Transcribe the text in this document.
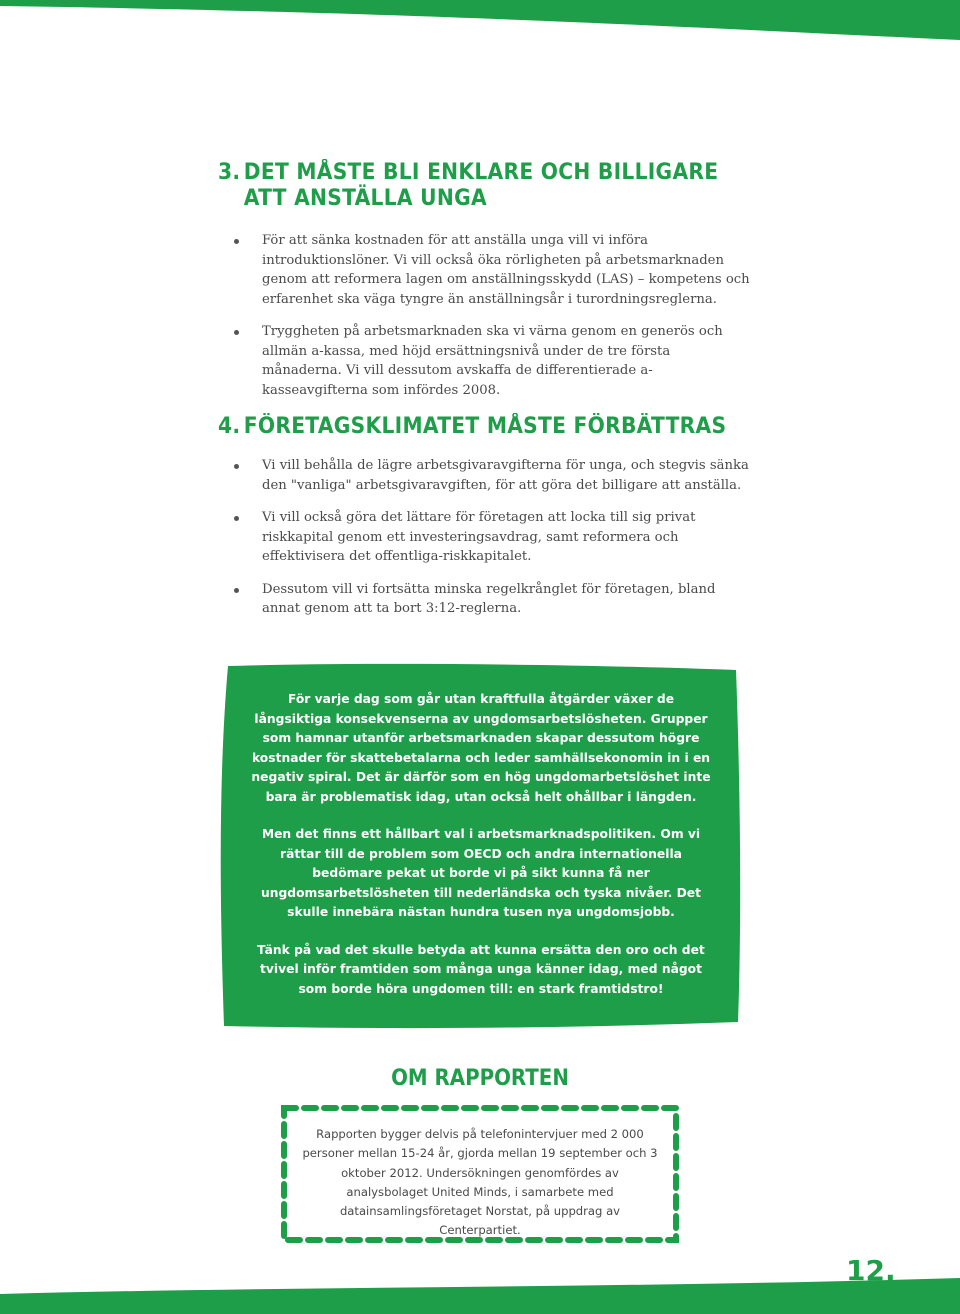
3. DET MÅSTE BLI ENKLARE OCH BILLIGARE
ATT ANSTÄLLA UNGA
För att sänka kostnaden för att anställa unga vill vi införa introduktionslöner. Vi vill också öka rörligheten på arbetsmarknaden genom att reformera lagen om anställningsskydd (LAS) – kompetens och erfarenhet ska väga tyngre än anställningsår i turordningsreglerna.
Tryggheten på arbetsmarknaden ska vi värna genom en generös och allmän a-kassa, med höjd ersättningsnivå under de tre första månaderna. Vi vill dessutom avskaffa de differentierade a-kasseavgifterna som infördes 2008.
4. FÖRETAGSKLIMATET MÅSTE FÖRBÄTTRAS
Vi vill behålla de lägre arbetsgivaravgifterna för unga, och stegvis sänka den "vanliga" arbetsgivaravgiften, för att göra det billigare att anställa.
Vi vill också göra det lättare för företagen att locka till sig privat riskkapital genom ett investeringsavdrag, samt reformera och effektivisera det offentliga-riskkapitalet.
Dessutom vill vi fortsätta minska regelkrånglet för företagen, bland annat genom att ta bort 3:12-reglerna.

För varje dag som går utan kraftfulla åtgärder växer de långsiktiga konsekvenserna av ungdomsarbetslösheten. Grupper som hamnar utanför arbetsmarknaden skapar dessutom högre kostnader för skattebetalarna och leder samhällsekonomin in i en negativ spiral. Det är därför som en hög ungdomarbetslöshet inte bara är problematisk idag, utan också helt ohållbar i längden.

Men det finns ett hållbart val i arbetsmarknadspolitiken. Om vi rättar till de problem som OECD och andra internationella bedömare pekat ut borde vi på sikt kunna få ner ungdomsarbetslösheten till nederländska och tyska nivåer. Det skulle innebära nästan hundra tusen nya ungdomsjobb.

Tänk på vad det skulle betyda att kunna ersätta den oro och det tvivel inför framtiden som många unga känner idag, med något som borde höra ungdomen till: en stark framtidstro!

OM RAPPORTEN

Rapporten bygger delvis på telefonintervjuer med 2 000 personer mellan 15-24 år, gjorda mellan 19 september och 3 oktober 2012. Undersökningen genomfördes av analysbolaget United Minds, i samarbete med datainsamlingsföretaget Norstat, på uppdrag av Centerpartiet.

12.
